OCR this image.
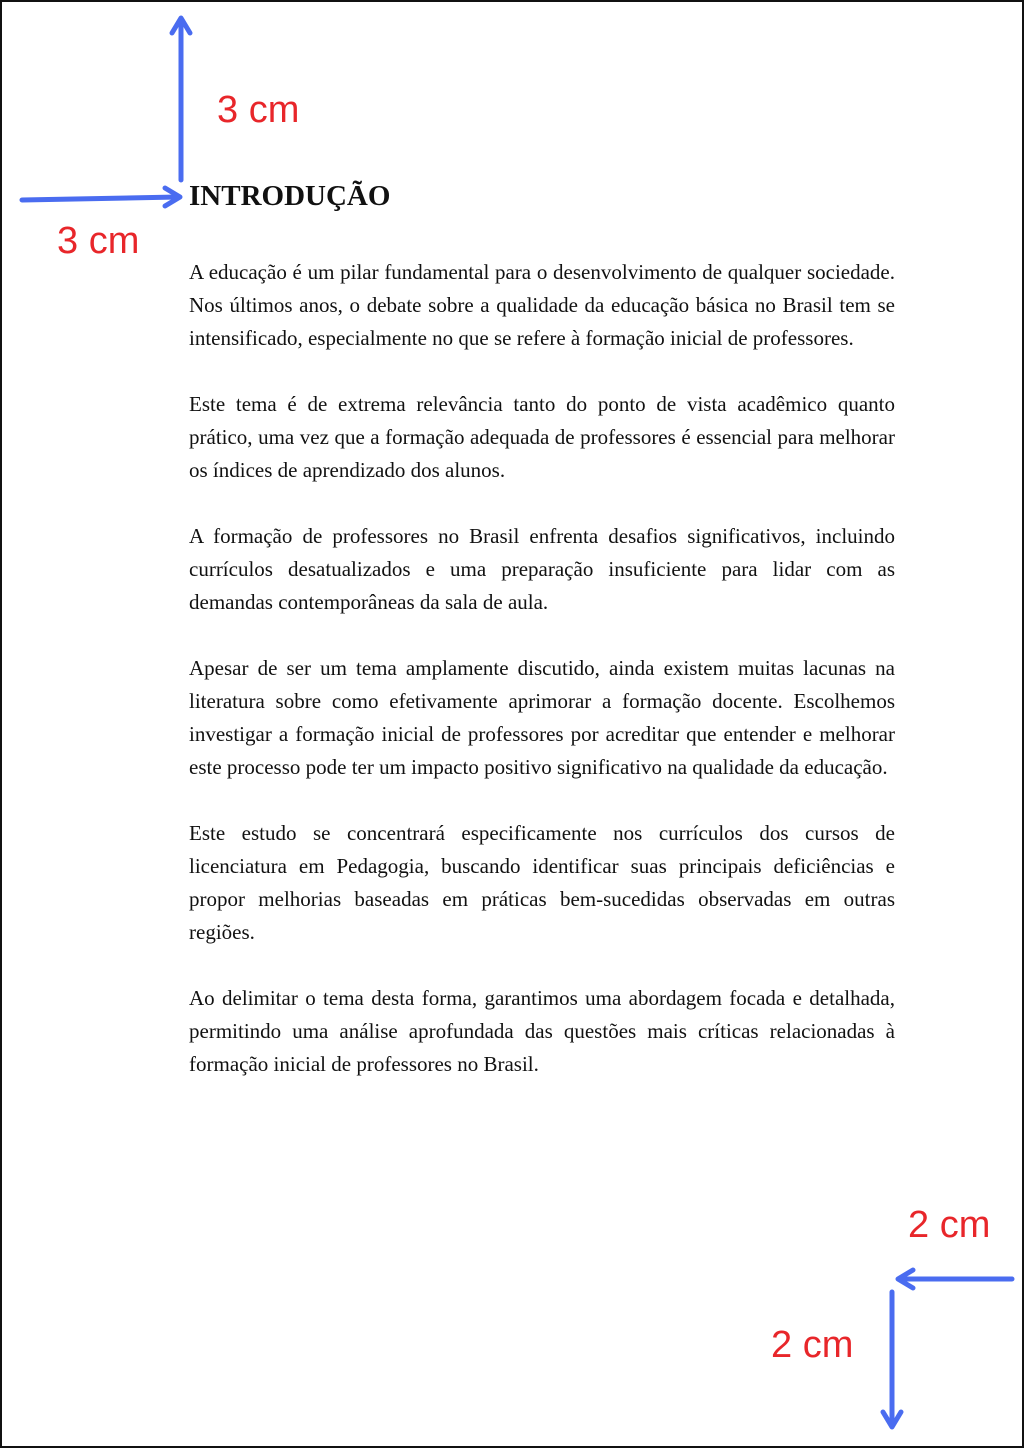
INTRODUÇÃO

A educação é um pilar fundamental para o desenvolvimento de qualquer sociedade. Nos últimos anos, o debate sobre a qualidade da educação básica no Brasil tem se intensificado, especialmente no que se refere à formação inicial de professores.

Este tema é de extrema relevância tanto do ponto de vista acadêmico quanto prático, uma vez que a formação adequada de professores é essencial para melhorar os índices de aprendizado dos alunos.

A formação de professores no Brasil enfrenta desafios significativos, incluindo currículos desatualizados e uma preparação insuficiente para lidar com as demandas contemporâneas da sala de aula.

Apesar de ser um tema amplamente discutido, ainda existem muitas lacunas na literatura sobre como efetivamente aprimorar a formação docente. Escolhemos investigar a formação inicial de professores por acreditar que entender e melhorar este processo pode ter um impacto positivo significativo na qualidade da educação.

Este estudo se concentrará especificamente nos currículos dos cursos de licenciatura em Pedagogia, buscando identificar suas principais deficiências e propor melhorias baseadas em práticas bem-sucedidas observadas em outras regiões.

Ao delimitar o tema desta forma, garantimos uma abordagem focada e detalhada, permitindo uma análise aprofundada das questões mais críticas relacionadas à formação inicial de professores no Brasil.

3 cm
3 cm
2 cm
2 cm
